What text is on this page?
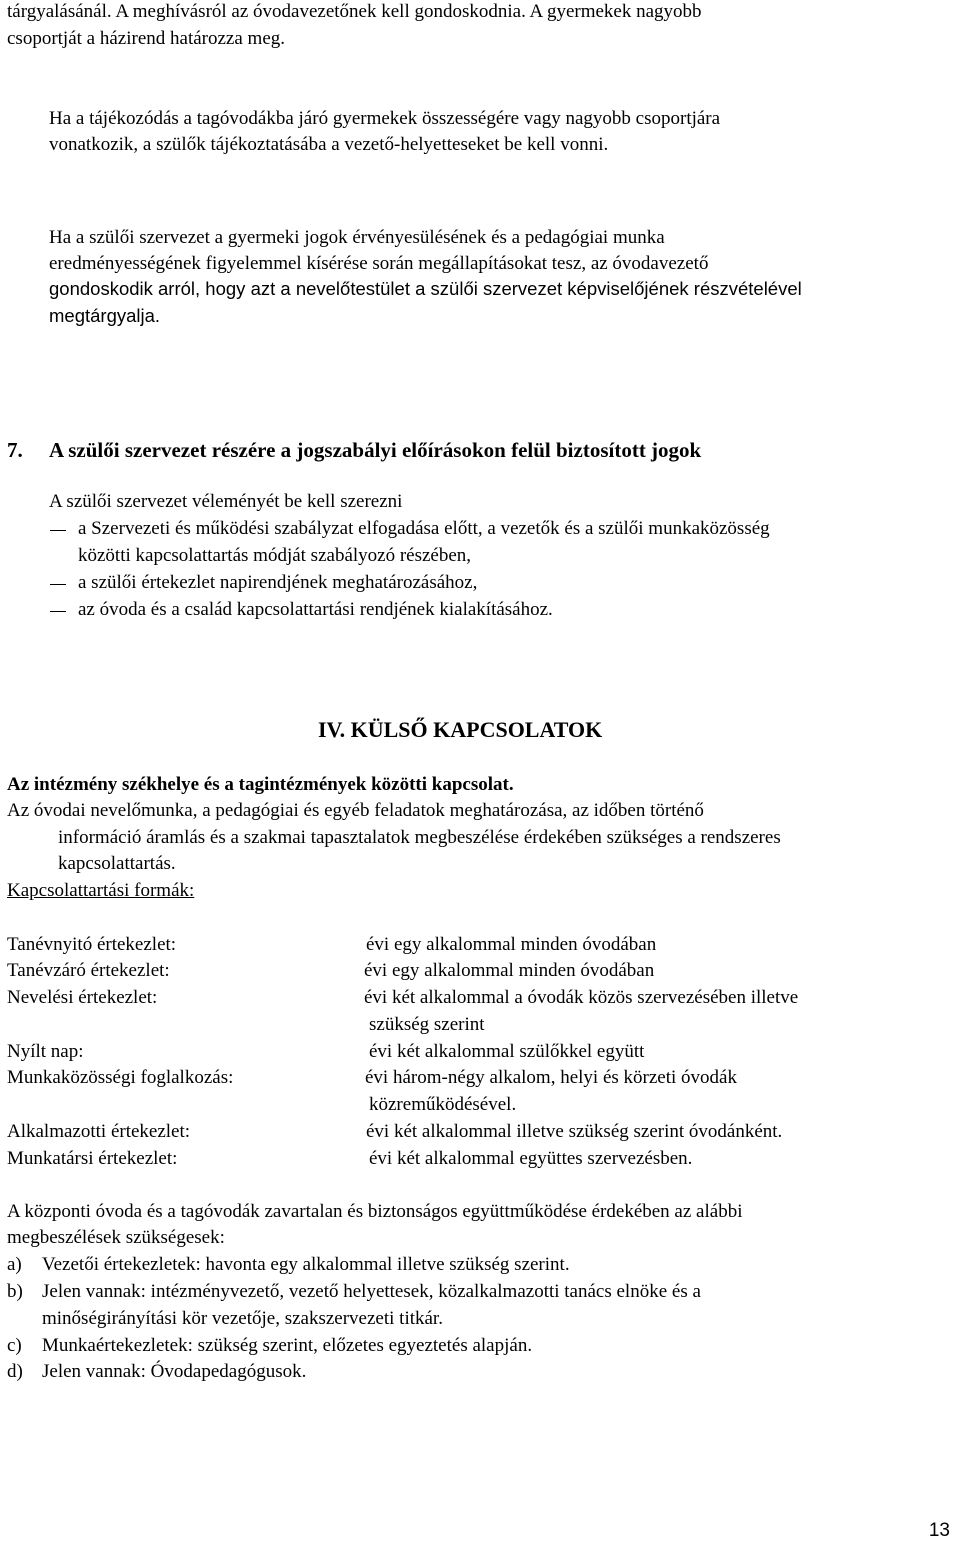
tárgyalásánál. A meghívásról az óvodavezetőnek kell gondoskodnia. A gyermekek nagyobb
csoportját a házirend határozza meg.
Ha a tájékozódás a tagóvodákba járó gyermekek összességére vagy nagyobb csoportjára
vonatkozik, a szülők tájékoztatásába a vezető-helyetteseket be kell vonni.
Ha a szülői szervezet a gyermeki jogok érvényesülésének és a pedagógiai munka
eredményességének figyelemmel kísérése során megállapításokat tesz, az óvodavezető
gondoskodik arról, hogy azt a nevelőtestület a szülői szervezet képviselőjének részvételével
megtárgyalja.
7. A szülői szervezet részére a jogszabályi előírásokon felül biztosított jogok
A szülői szervezet véleményét be kell szerezni
a Szervezeti és működési szabályzat elfogadása előtt, a vezetők és a szülői munkaközösség
közötti kapcsolattartás módját szabályozó részében,
a szülői értekezlet napirendjének meghatározásához,
az óvoda és a család kapcsolattartási rendjének kialakításához.
IV. KÜLSŐ KAPCSOLATOK
Az intézmény székhelye és a tagintézmények közötti kapcsolat.
Az óvodai nevelőmunka, a pedagógiai és egyéb feladatok meghatározása, az időben történő
információ áramlás és a szakmai tapasztalatok megbeszélése érdekében szükséges a rendszeres
kapcsolattartás.
Kapcsolattartási formák:
Tanévnyitó értekezlet:	évi egy alkalommal minden óvodában
Tanévzáró értekezlet:	évi egy alkalommal minden óvodában
Nevelési értekezlet:	évi két alkalommal a óvodák közös szervezésében illetve
szükség szerint
Nyílt nap:	évi két alkalommal szülőkkel együtt
Munkaközösségi foglalkozás:	évi három-négy alkalom, helyi és körzeti óvodák
közreműködésével.
Alkalmazotti értekezlet:	évi két alkalommal illetve szükség szerint óvodánként.
Munkatársi értekezlet:	évi két alkalommal együttes szervezésben.
A központi óvoda és a tagóvodák zavartalan és biztonságos együttműködése érdekében az alábbi
megbeszélések szükségesek:
a) Vezetői értekezletek: havonta egy alkalommal illetve szükség szerint.
b) Jelen vannak: intézményvezető, vezető helyettesek, közalkalmazotti tanács elnöke és a
minőségirányítási kör vezetője, szakszervezeti titkár.
c) Munkaértekezletek: szükség szerint, előzetes egyeztetés alapján.
d) Jelen vannak: Óvodapedagógusok.
13
